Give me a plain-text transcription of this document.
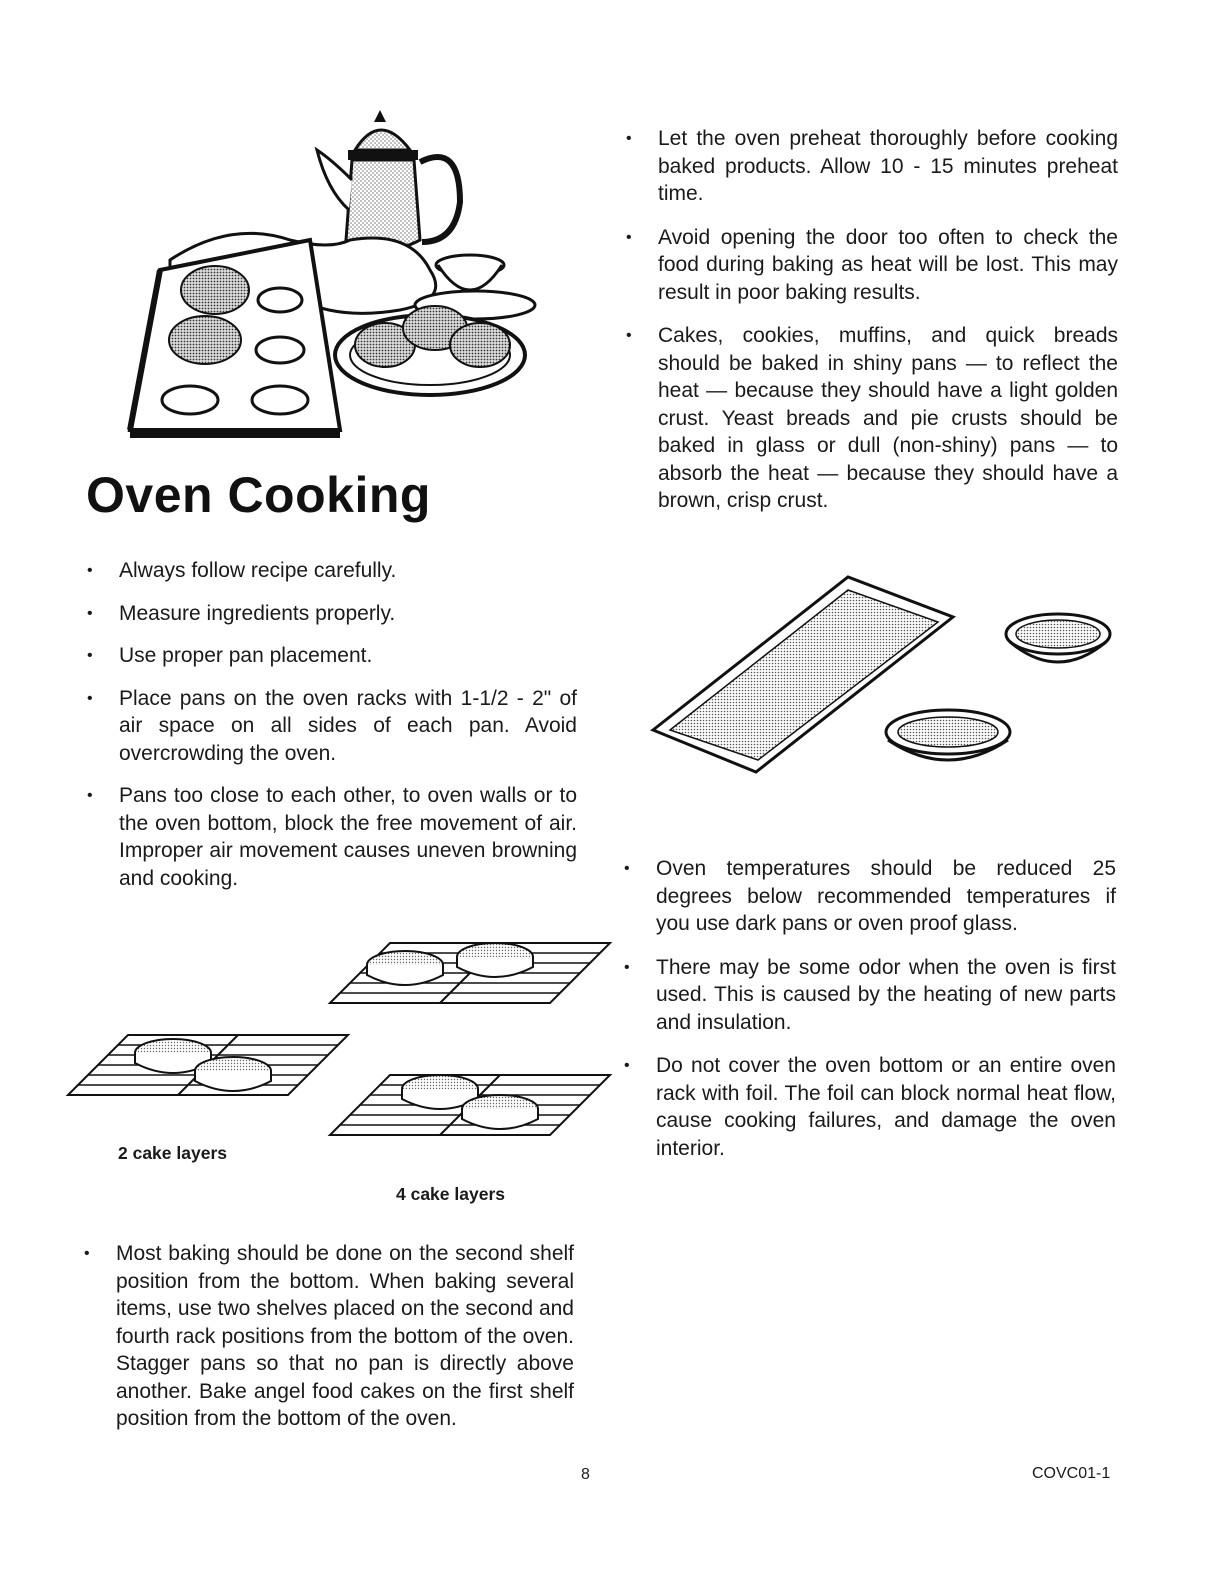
Oven Cooking
• Always follow recipe carefully.
• Measure ingredients properly.
• Use proper pan placement.
• Place pans on the oven racks with 1-1/2 - 2" of air space on all sides of each pan. Avoid overcrowding the oven.
• Pans too close to each other, to oven walls or to the oven bottom, block the free movement of air. Improper air movement causes uneven browning and cooking.
2 cake layers
4 cake layers
• Most baking should be done on the second shelf position from the bottom. When baking several items, use two shelves placed on the second and fourth rack positions from the bottom of the oven. Stagger pans so that no pan is directly above another. Bake angel food cakes on the first shelf position from the bottom of the oven.
• Let the oven preheat thoroughly before cooking baked products. Allow 10 - 15 minutes preheat time.
• Avoid opening the door too often to check the food during baking as heat will be lost. This may result in poor baking results.
• Cakes, cookies, muffins, and quick breads should be baked in shiny pans — to reflect the heat — because they should have a light golden crust. Yeast breads and pie crusts should be baked in glass or dull (non-shiny) pans — to absorb the heat — because they should have a brown, crisp crust.
• Oven temperatures should be reduced 25 degrees below recommended temperatures if you use dark pans or oven proof glass.
• There may be some odor when the oven is first used. This is caused by the heating of new parts and insulation.
• Do not cover the oven bottom or an entire oven rack with foil. The foil can block normal heat flow, cause cooking failures, and damage the oven interior.
8	COVC01-1
